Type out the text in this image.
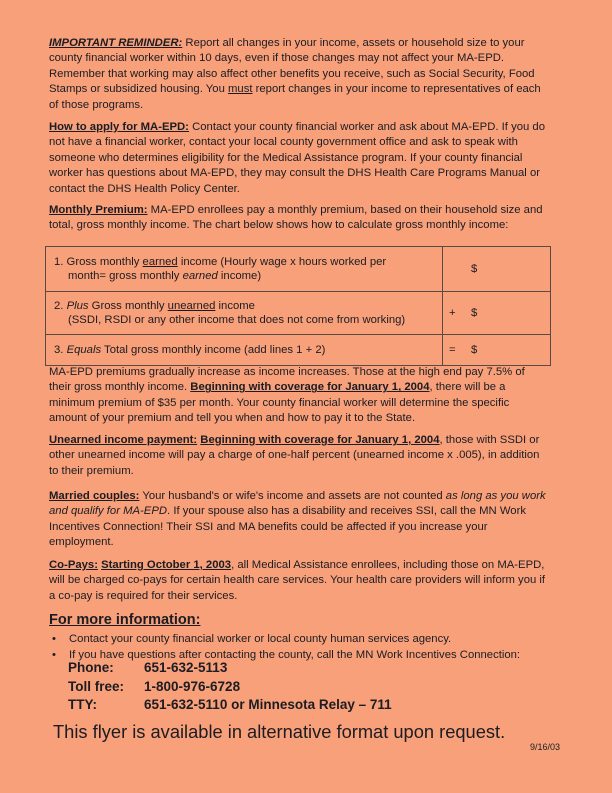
IMPORTANT REMINDER: Report all changes in your income, assets or household size to your county financial worker within 10 days, even if those changes may not affect your MA-EPD. Remember that working may also affect other benefits you receive, such as Social Security, Food Stamps or subsidized housing. You must report changes in your income to representatives of each of those programs.

How to apply for MA-EPD: Contact your county financial worker and ask about MA-EPD. If you do not have a financial worker, contact your local county government office and ask to speak with someone who determines eligibility for the Medical Assistance program. If your county financial worker has questions about MA-EPD, they may consult the DHS Health Care Programs Manual or contact the DHS Health Policy Center.

Monthly Premium: MA-EPD enrollees pay a monthly premium, based on their household size and total, gross monthly income. The chart below shows how to calculate gross monthly income:

1. Gross monthly earned income (Hourly wage x hours worked per
month= gross monthly earned income)	$
2. Plus Gross monthly unearned income
(SSDI, RSDI or any other income that does not come from working)	+ $
3. Equals Total gross monthly income (add lines 1 + 2)	= $

MA-EPD premiums gradually increase as income increases. Those at the high end pay 7.5% of their gross monthly income. Beginning with coverage for January 1, 2004, there will be a minimum premium of $35 per month. Your county financial worker will determine the specific amount of your premium and tell you when and how to pay it to the State.

Unearned income payment: Beginning with coverage for January 1, 2004, those with SSDI or other unearned income will pay a charge of one-half percent (unearned income x .005), in addition to their premium.

Married couples: Your husband's or wife's income and assets are not counted as long as you work and qualify for MA-EPD. If your spouse also has a disability and receives SSI, call the MN Work Incentives Connection! Their SSI and MA benefits could be affected if you increase your employment.

Co-Pays: Starting October 1, 2003, all Medical Assistance enrollees, including those on MA-EPD, will be charged co-pays for certain health care services. Your health care providers will inform you if a co-pay is required for their services.

For more information:
• Contact your county financial worker or local county human services agency.
• If you have questions after contacting the county, call the MN Work Incentives Connection:
Phone: 651-632-5113
Toll free: 1-800-976-6728
TTY:	651-632-5110 or Minnesota Relay – 711
This flyer is available in alternative format upon request.
9/16/03
